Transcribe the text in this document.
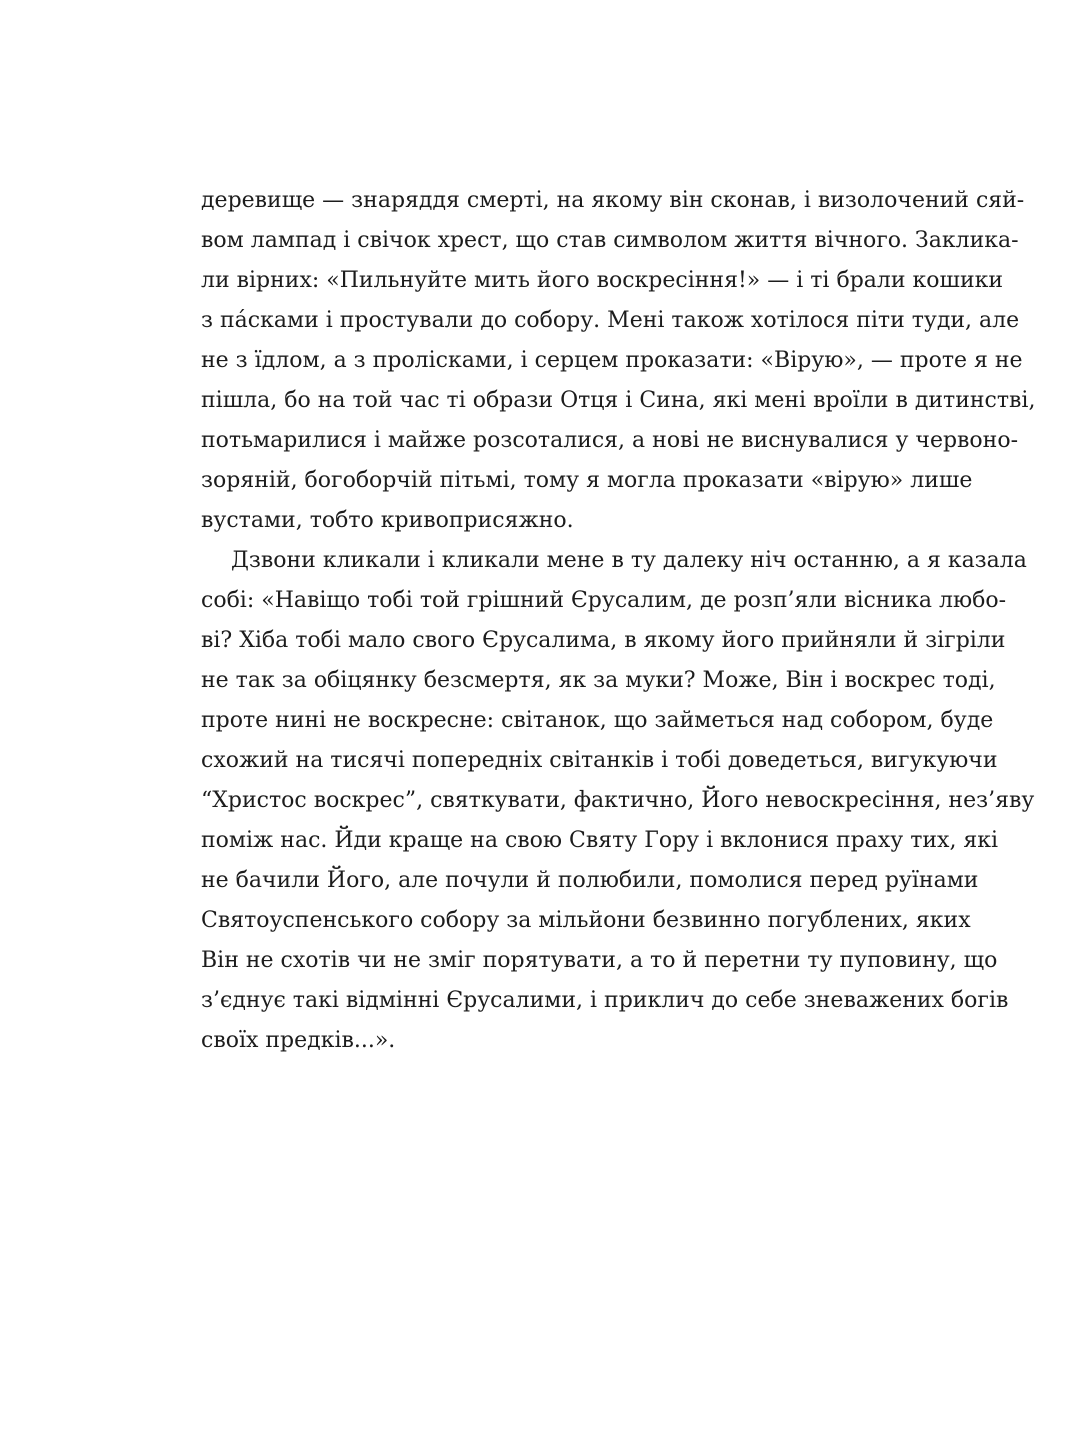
деревище — знаряддя смерті, на якому він сконав, і визолочений сяй-
вом лампад і свічок хрест, що став символом життя вічного. Заклика-
ли вірних: «Пильнуйте мить його воскресіння!» — і ті брали кошики
з пáсками і простували до собору. Мені також хотілося піти туди, але
не з їдлом, а з пролісками, і серцем проказати: «Вірую», — проте я не
пішла, бо на той час ті образи Отця і Сина, які мені вроїли в дитинстві,
потьмарилися і майже розсоталися, а нові не виснувалися у червоно-
зоряній, богоборчій пітьмі, тому я могла проказати «вірую» лише
вустами, тобто кривоприсяжно.
Дзвони кликали і кликали мене в ту далеку ніч останню, а я казала
собі: «Навіщо тобі той грішний Єрусалим, де розп’яли вісника любо-
ві? Хіба тобі мало свого Єрусалима, в якому його прийняли й зігріли
не так за обіцянку безсмертя, як за муки? Може, Він і воскрес тоді,
проте нині не воскресне: світанок, що займеться над собором, буде
схожий на тисячі попередніх світанків і тобі доведеться, вигукуючи
“Христос воскрес”, святкувати, фактично, Його невоскресіння, нез’яву
поміж нас. Йди краще на свою Святу Гору і вклонися праху тих, які
не бачили Його, але почули й полюбили, помолися перед руїнами
Святоуспенського собору за мільйони безвинно погублених, яких
Він не схотів чи не зміг порятувати, а то й перетни ту пуповину, що
з’єднує такі відмінні Єрусалими, і приклич до себе зневажених богів
своїх предків...».
